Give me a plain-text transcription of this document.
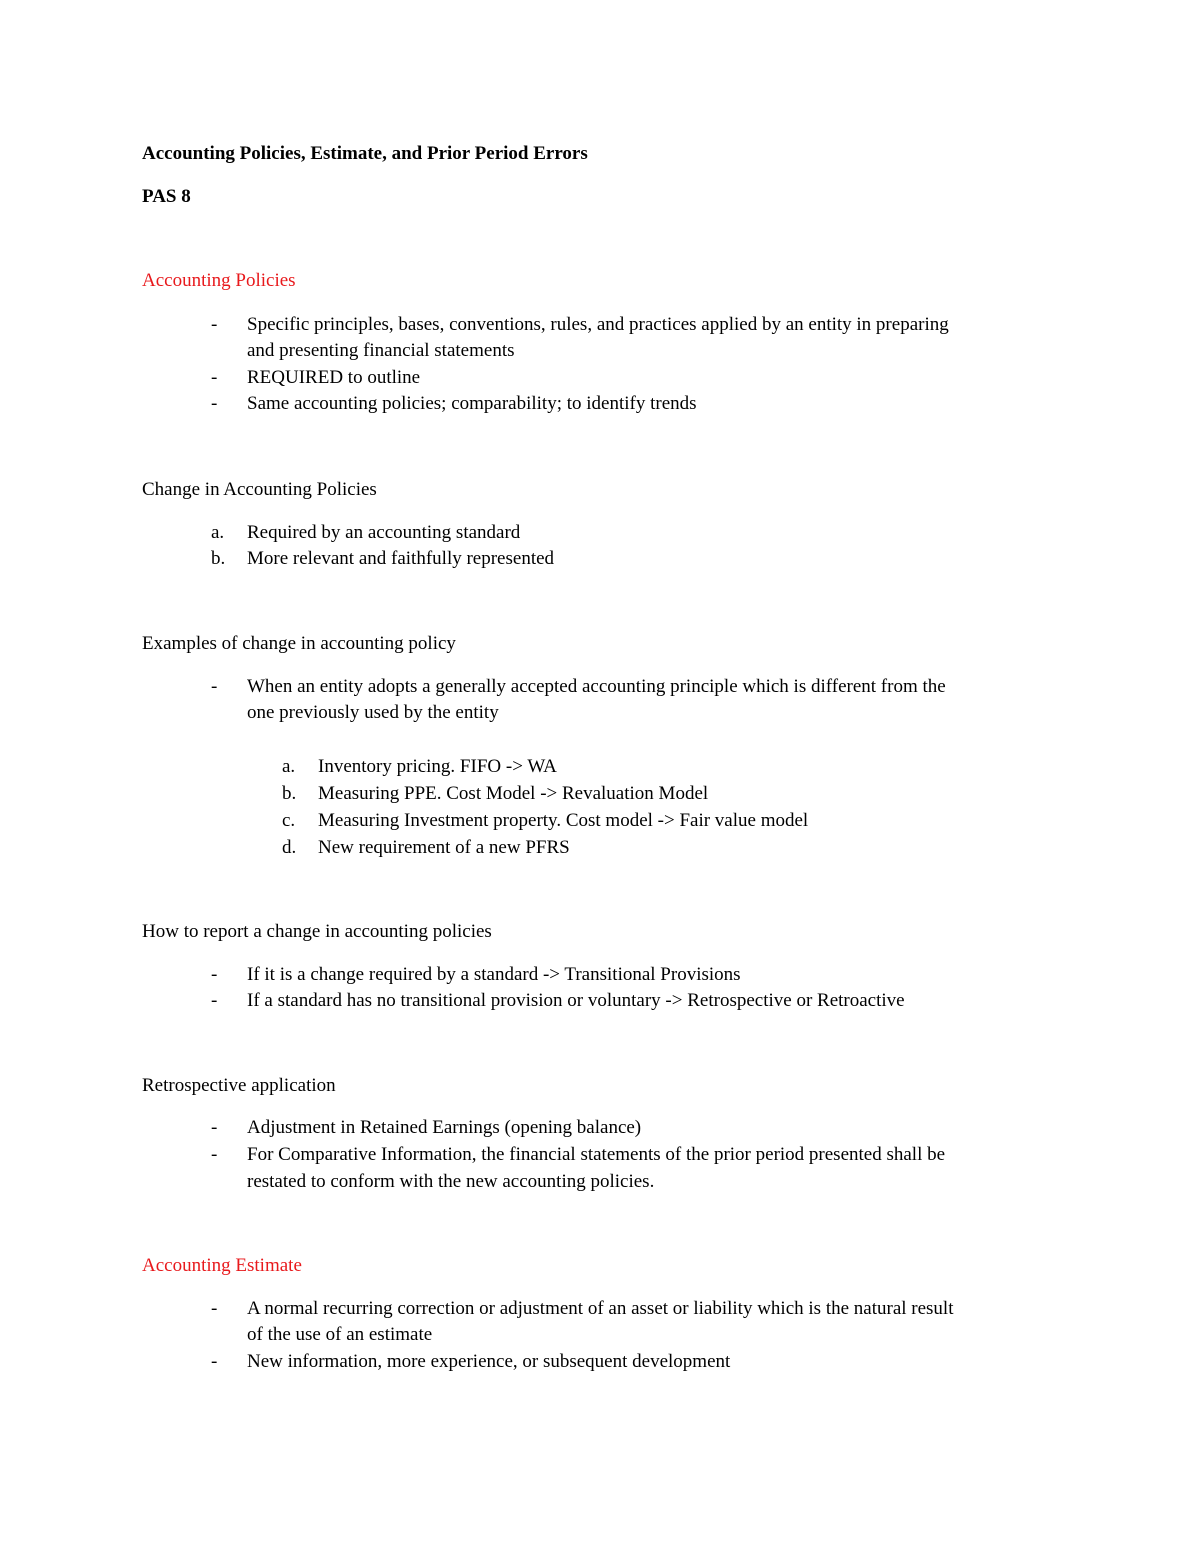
Accounting Policies, Estimate, and Prior Period Errors
PAS 8
Accounting Policies
-	Specific principles, bases, conventions, rules, and practices applied by an entity in preparing
and presenting financial statements
-	REQUIRED to outline
-	Same accounting policies; comparability; to identify trends
Change in Accounting Policies
a.	Required by an accounting standard
b.	More relevant and faithfully represented
Examples of change in accounting policy
-	When an entity adopts a generally accepted accounting principle which is different from the
one previously used by the entity
a.	Inventory pricing. FIFO -> WA
b.	Measuring PPE. Cost Model -> Revaluation Model
c.	Measuring Investment property. Cost model -> Fair value model
d.	New requirement of a new PFRS
How to report a change in accounting policies
-	If it is a change required by a standard -> Transitional Provisions
-	If a standard has no transitional provision or voluntary -> Retrospective or Retroactive
Retrospective application
-	Adjustment in Retained Earnings (opening balance)
-	For Comparative Information, the financial statements of the prior period presented shall be
restated to conform with the new accounting policies.
Accounting Estimate
-	A normal recurring correction or adjustment of an asset or liability which is the natural result
of the use of an estimate
-	New information, more experience, or subsequent development
